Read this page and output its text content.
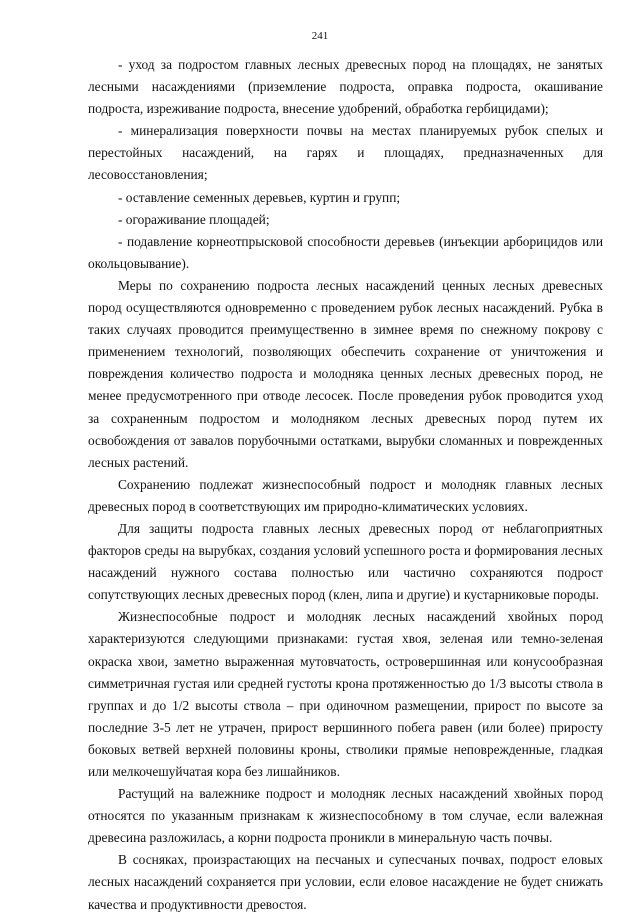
241

- уход за подростом главных лесных древесных пород на площадях, не занятых лесными насаждениями (приземление подроста, оправка подроста, окашивание подроста, изреживание подроста, внесение удобрений, обработка гербицидами);

- минерализация поверхности почвы на местах планируемых рубок спелых и перестойных насаждений, на гарях и площадях, предназначенных для лесовосстановления;

- оставление семенных деревьев, куртин и групп;

- огораживание площадей;

- подавление корнеотпрысковой способности деревьев (инъекции арборицидов или окольцовывание).

Меры по сохранению подроста лесных насаждений ценных лесных древесных пород осуществляются одновременно с проведением рубок лесных насаждений. Рубка в таких случаях проводится преимущественно в зимнее время по снежному покрову с применением технологий, позволяющих обеспечить сохранение от уничтожения и повреждения количество подроста и молодняка ценных лесных древесных пород, не менее предусмотренного при отводе лесосек. После проведения рубок проводится уход за сохраненным подростом и молодняком лесных древесных пород путем их освобождения от завалов порубочными остатками, вырубки сломанных и поврежденных лесных растений.

Сохранению подлежат жизнеспособный подрост и молодняк главных лесных древесных пород в соответствующих им природно-климатических условиях.

Для защиты подроста главных лесных древесных пород от неблагоприятных факторов среды на вырубках, создания условий успешного роста и формирования лесных насаждений нужного состава полностью или частично сохраняются подрост сопутствующих лесных древесных пород (клен, липа и другие) и кустарниковые породы.

Жизнеспособные подрост и молодняк лесных насаждений хвойных пород характеризуются следующими признаками: густая хвоя, зеленая или темно-зеленая окраска хвои, заметно выраженная мутовчатость, островершинная или конусообразная симметричная густая или средней густоты крона протяженностью до 1/3 высоты ствола в группах и до 1/2 высоты ствола – при одиночном размещении, прирост по высоте за последние 3-5 лет не утрачен, прирост вершинного побега равен (или более) приросту боковых ветвей верхней половины кроны, стволики прямые неповрежденные, гладкая или мелкочешуйчатая кора без лишайников.

Растущий на валежнике подрост и молодняк лесных насаждений хвойных пород относятся по указанным признакам к жизнеспособному в том случае, если валежная древесина разложилась, а корни подроста проникли в минеральную часть почвы.

В сосняках, произрастающих на песчаных и супесчаных почвах, подрост еловых лесных насаждений сохраняется при условии, если еловое насаждение не будет снижать качества и продуктивности древостоя.
